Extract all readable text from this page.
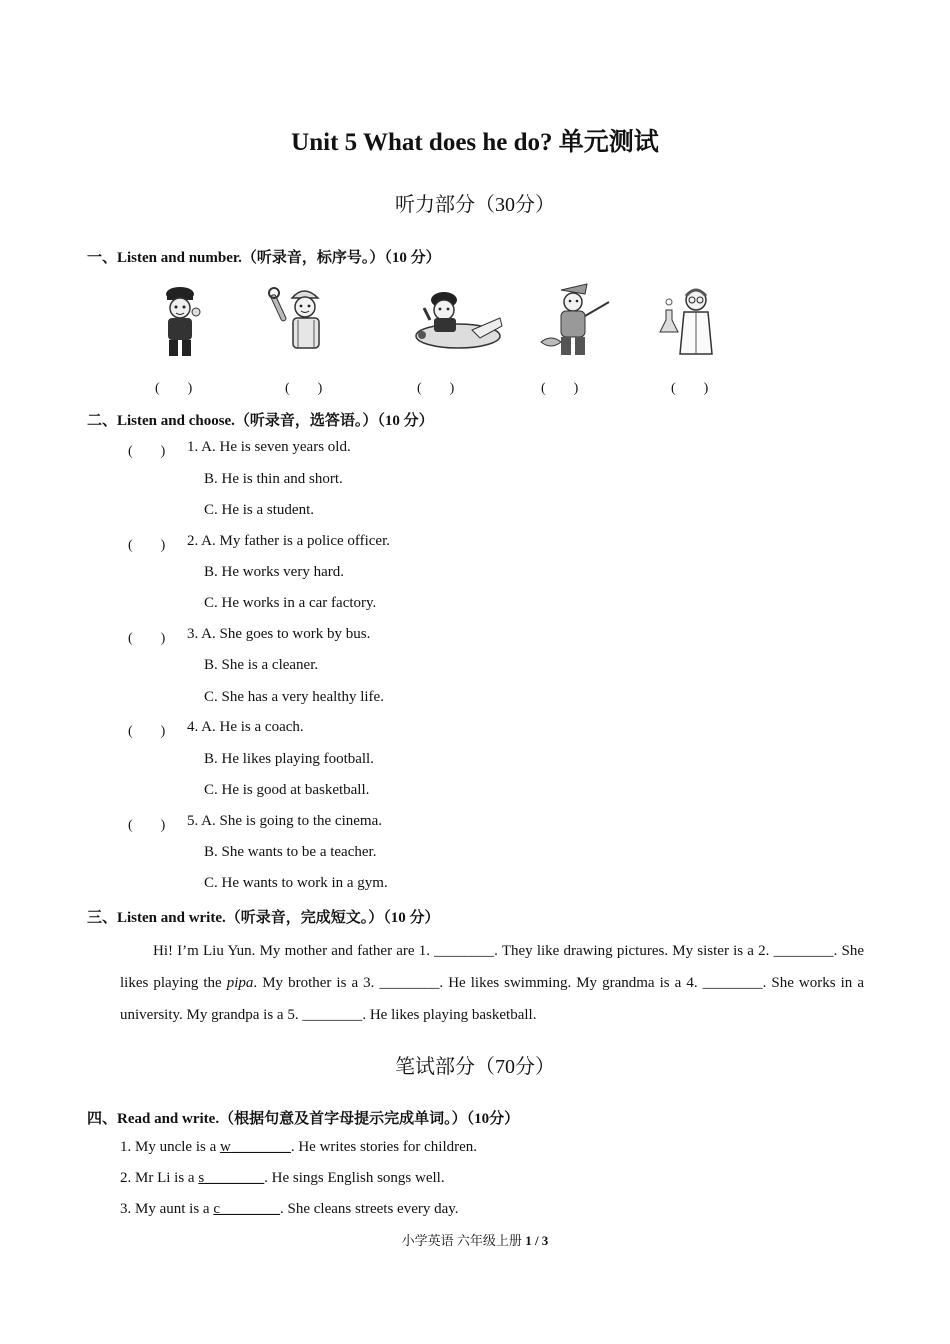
Unit 5 What does he do? 单元测试
听力部分（30分）
一、Listen and number.（听录音，标序号。）（10 分）
(　　)	(　　)	(　　)	(　　)	(　　)
二、Listen and choose.（听录音，选答语。）（10 分）
(　　) 1. A. He is seven years old.
B. He is thin and short.
C. He is a student.
(　　) 2. A. My father is a police officer.
B. He works very hard.
C. He works in a car factory.
(　　) 3. A. She goes to work by bus.
B. She is a cleaner.
C. She has a very healthy life.
(　　) 4. A. He is a coach.
B. He likes playing football.
C. He is good at basketball.
(　　) 5. A. She is going to the cinema.
B. She wants to be a teacher.
C. He wants to work in a gym.
三、Listen and write.（听录音，完成短文。）（10 分）

Hi! I’m Liu Yun. My mother and father are 1. ________. They like drawing pictures. My sister is a 2. ________. She likes playing the pipa. My brother is a 3. ________. He likes swimming. My grandma is a 4. ________. She works in a university. My grandpa is a 5. ________. He likes playing basketball.

笔试部分（70分）
四、Read and write.（根据句意及首字母提示完成单词。）（10分）
1. My uncle is a w________. He writes stories for children.
2. Mr Li is a s________. He sings English songs well.
3. My aunt is a c________. She cleans streets every day.
小学英语 六年级上册 1 / 3
